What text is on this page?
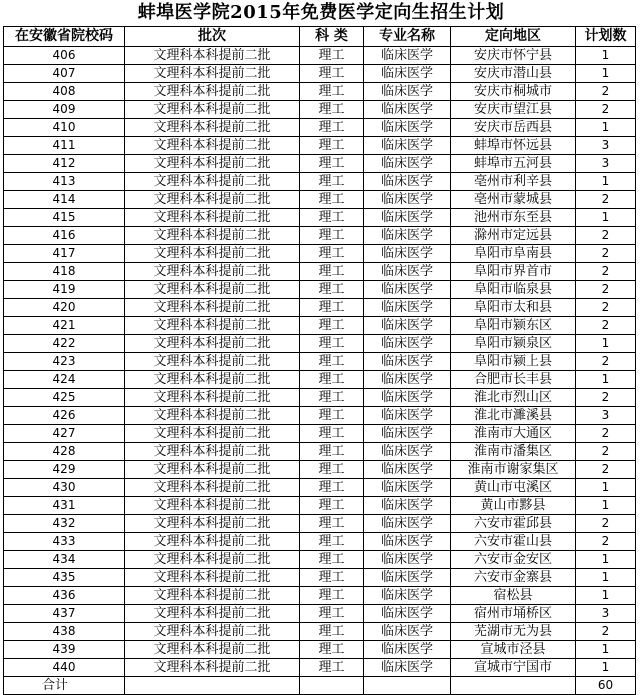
蚌埠医学院2015年免费医学定向生招生计划
在安徽省院校码	批次	科 类	专业名称	定向地区	计划数
406	文理科本科提前二批	理工	临床医学	安庆市怀宁县	1
407	文理科本科提前二批	理工	临床医学	安庆市潜山县	1
408	文理科本科提前二批	理工	临床医学	安庆市桐城市	2
409	文理科本科提前二批	理工	临床医学	安庆市望江县	2
410	文理科本科提前二批	理工	临床医学	安庆市岳西县	1
411	文理科本科提前二批	理工	临床医学	蚌埠市怀远县	3
412	文理科本科提前二批	理工	临床医学	蚌埠市五河县	3
413	文理科本科提前二批	理工	临床医学	亳州市利辛县	1
414	文理科本科提前二批	理工	临床医学	亳州市蒙城县	2
415	文理科本科提前二批	理工	临床医学	池州市东至县	1
416	文理科本科提前二批	理工	临床医学	滁州市定远县	2
417	文理科本科提前二批	理工	临床医学	阜阳市阜南县	2
418	文理科本科提前二批	理工	临床医学	阜阳市界首市	2
419	文理科本科提前二批	理工	临床医学	阜阳市临泉县	2
420	文理科本科提前二批	理工	临床医学	阜阳市太和县	2
421	文理科本科提前二批	理工	临床医学	阜阳市颍东区	2
422	文理科本科提前二批	理工	临床医学	阜阳市颍泉区	1
423	文理科本科提前二批	理工	临床医学	阜阳市颍上县	2
424	文理科本科提前二批	理工	临床医学	合肥市长丰县	1
425	文理科本科提前二批	理工	临床医学	淮北市烈山区	2
426	文理科本科提前二批	理工	临床医学	淮北市濉溪县	3
427	文理科本科提前二批	理工	临床医学	淮南市大通区	2
428	文理科本科提前二批	理工	临床医学	淮南市潘集区	2
429	文理科本科提前二批	理工	临床医学	淮南市谢家集区	2
430	文理科本科提前二批	理工	临床医学	黄山市屯溪区	1
431	文理科本科提前二批	理工	临床医学	黄山市黟县	1
432	文理科本科提前二批	理工	临床医学	六安市霍邱县	2
433	文理科本科提前二批	理工	临床医学	六安市霍山县	2
434	文理科本科提前二批	理工	临床医学	六安市金安区	1
435	文理科本科提前二批	理工	临床医学	六安市金寨县	1
436	文理科本科提前二批	理工	临床医学	宿松县	1
437	文理科本科提前二批	理工	临床医学	宿州市埇桥区	3
438	文理科本科提前二批	理工	临床医学	芜湖市无为县	2
439	文理科本科提前二批	理工	临床医学	宣城市泾县	1
440	文理科本科提前二批	理工	临床医学	宣城市宁国市	1
合计					60
